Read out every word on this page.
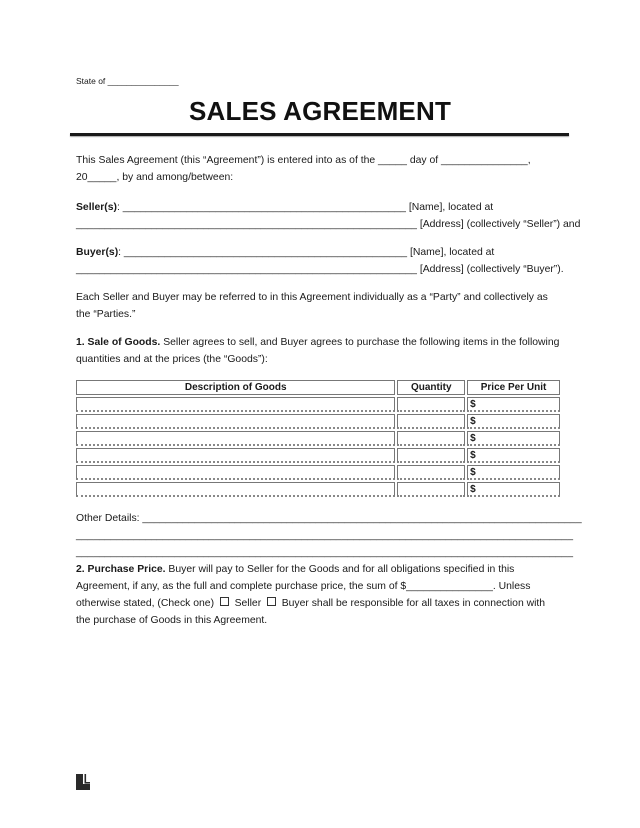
State of _______________
SALES AGREEMENT
This Sales Agreement (this “Agreement”) is entered into as of the _____ day of _______________,
20_____, by and among/between:
Seller(s): _________________________________________________ [Name], located at
___________________________________________________________ [Address] (collectively “Seller”) and
Buyer(s): _________________________________________________ [Name], located at
___________________________________________________________ [Address] (collectively “Buyer”).
Each Seller and Buyer may be referred to in this Agreement individually as a “Party” and collectively as
the “Parties.”
1. Sale of Goods. Seller agrees to sell, and Buyer agrees to purchase the following items in the following
quantities and at the prices (the “Goods”):
Description of Goods	Quantity	Price Per Unit
		$
		$
		$
		$
		$
		$
Other Details: ____________________________________________________________________________
______________________________________________________________________________________
______________________________________________________________________________________
2. Purchase Price. Buyer will pay to Seller for the Goods and for all obligations specified in this
Agreement, if any, as the full and complete purchase price, the sum of $_______________. Unless
otherwise stated, (Check one)    Seller    Buyer shall be responsible for all taxes in connection with
the purchase of Goods in this Agreement.
